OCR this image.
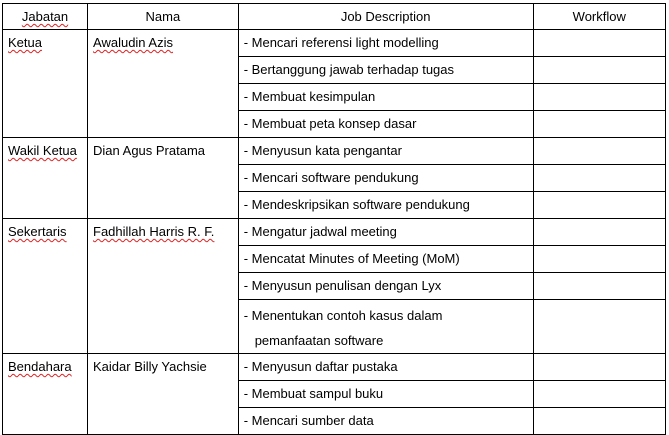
Jabatan	Nama	Job Description	Workflow
Ketua	Awaludin Azis	- Mencari referensi light modelling	
		- Bertanggung jawab terhadap tugas	
		- Membuat kesimpulan	
		- Membuat peta konsep dasar	
Wakil Ketua	Dian Agus Pratama	- Menyusun kata pengantar	
		- Mencari software pendukung	
		- Mendeskripsikan software pendukung	
Sekertaris	Fadhillah Harris R. F.	- Mengatur jadwal meeting	
		- Mencatat Minutes of Meeting (MoM)	
		- Menyusun penulisan dengan Lyx	
		- Menentukan contoh kasus dalam
pemanfaatan software	

Bendahara	Kaidar Billy Yachsie	- Menyusun daftar pustaka	
		- Membuat sampul buku	
		- Mencari sumber data	
